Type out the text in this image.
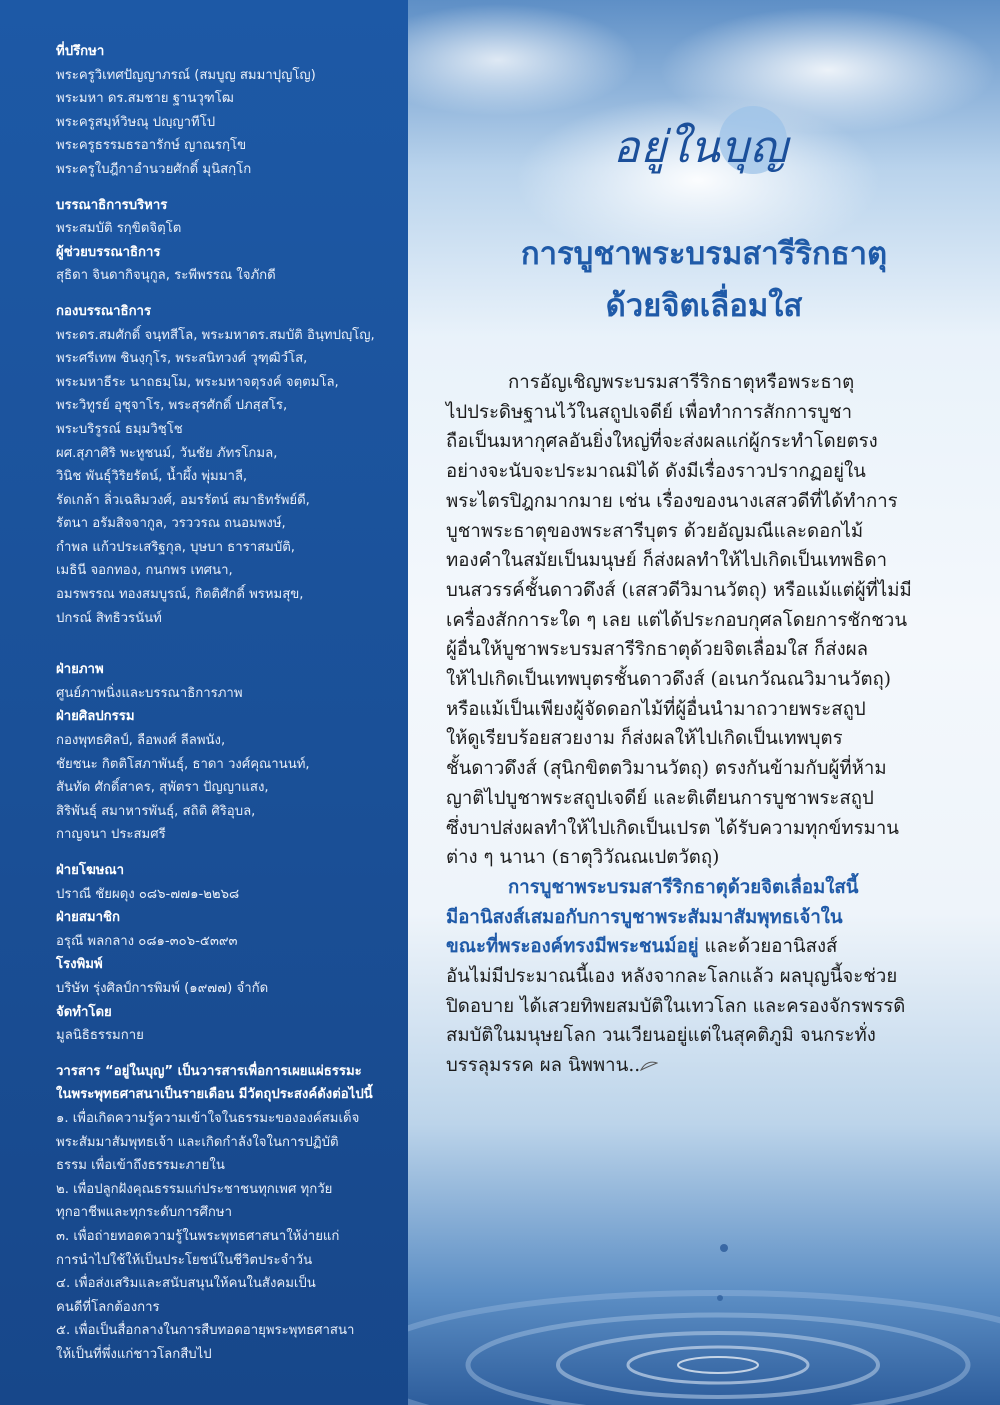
ที่ปรึกษา
พระครูวิเทศปัญญาภรณ์ (สมบูญ สมมาปุญโญ)
พระมหา ดร.สมชาย ฐานวุฑโฒ
พระครูสมุห์วิษณุ ปญฺญาทีโป
พระครูธรรมธรอารักษ์ ญาณรกฺโข
พระครูใบฎีกาอำนวยศักดิ์ มุนิสกฺโก
บรรณาธิการบริหาร
พระสมบัติ รกฺขิตจิตฺโต
ผู้ช่วยบรรณาธิการ
สุธิดา จินดากิจนุกูล, ระพีพรรณ ใจภักดี
กองบรรณาธิการ
พระดร.สมศักดิ์ จนฺทสีโล, พระมหาดร.สมบัติ อินฺทปญฺโญ,
พระศรีเทพ ชินงฺกุโร, พระสนิทวงศ์ วุฑฺฒิวํโส,
พระมหาธีระ นาถธมฺโม, พระมหาจตุรงค์ จตฺตมโล,
พระวิทูรย์ อุชุจาโร, พระสุรศักดิ์ ปภสฺสโร,
พระบริรูรณ์ ธมฺมวิชฺโช
ผศ.สุภาศิริ พะหูชนม์, วันชัย ภัทรโกมล,
วินิช พันธุ์วิริยรัตน์, น้ำผึ้ง พุ่มมาลี,
รัดเกล้า ลิ่วเฉลิมวงศ์, อมรรัตน์ สมาธิทรัพย์ดี,
รัตนา อรัมสิจจากูล, วรววรณ ถนอมพงษ์,
กำพล แก้วประเสริฐกุล, บุษบา ธาราสมบัติ,
เมธินี จอกทอง, กนกพร เทศนา,
อมรพรรณ ทองสมบูรณ์, กิตติศักดิ์ พรหมสุข,
ปกรณ์ สิทธิวรนันท์
ฝ่ายภาพ
ศูนย์ภาพนิ่งและบรรณาธิการภาพ
ฝ่ายศิลปกรรม
กองพุทธศิลป์, ลือพงศ์ ลีลพนัง,
ชัยชนะ กิตติโสภาพันธุ์, ธาดา วงศ์คุณานนท์,
สันทัด ศักดิ์สาคร, สุพัตรา ปัญญาแสง,
สิริพันธุ์ สมาหารพันธุ์, สถิติ ศิริอุบล,
กาญจนา ประสมศรี
ฝ่ายโฆษณา
ปราณี ชัยผดุง ๐๘๖-๗๗๑-๒๒๖๘
ฝ่ายสมาชิก
อรุณี พลกลาง ๐๘๑-๓๐๖-๕๓๙๓
โรงพิมพ์
บริษัท รุ่งศิลป์การพิมพ์ (๑๙๗๗) จำกัด
จัดทำโดย
มูลนิธิธรรมกาย
วารสาร “อยู่ในบุญ” เป็นวารสารเพื่อการเผยแผ่ธรรมะ
ในพระพุทธศาสนาเป็นรายเดือน มีวัตถุประสงค์ดังต่อไปนี้
๑. เพื่อเกิดความรู้ความเข้าใจในธรรมะขององค์สมเด็จ
พระสัมมาสัมพุทธเจ้า และเกิดกำลังใจในการปฏิบัติ
ธรรม เพื่อเข้าถึงธรรมะภายใน
๒. เพื่อปลูกฝังคุณธรรมแก่ประชาชนทุกเพศ ทุกวัย
ทุกอาชีพและทุกระดับการศึกษา
๓. เพื่อถ่ายทอดความรู้ในพระพุทธศาสนาให้ง่ายแก่
การนำไปใช้ให้เป็นประโยชน์ในชีวิตประจำวัน
๔. เพื่อส่งเสริมและสนับสนุนให้คนในสังคมเป็น
คนดีที่โลกต้องการ
๕. เพื่อเป็นสื่อกลางในการสืบทอดอายุพระพุทธศาสนา
ให้เป็นที่พึ่งแก่ชาวโลกสืบไป
อยู่ในบุญ
การบูชาพระบรมสารีริกธาตุ
ด้วยจิตเลื่อมใส

การอัญเชิญพระบรมสารีริกธาตุหรือพระธาตุ
ไปประดิษฐานไว้ในสถูปเจดีย์ เพื่อทำการสักการบูชา
ถือเป็นมหากุศลอันยิ่งใหญ่ที่จะส่งผลแก่ผู้กระทำโดยตรง
อย่างจะนับจะประมาณมิได้ ดังมีเรื่องราวปรากฏอยู่ใน
พระไตรปิฎกมากมาย เช่น เรื่องของนางเสสวดีที่ได้ทำการ
บูชาพระธาตุของพระสารีบุตร ด้วยอัญมณีและดอกไม้
ทองคำในสมัยเป็นมนุษย์ ก็ส่งผลทำให้ไปเกิดเป็นเทพธิดา
บนสวรรค์ชั้นดาวดึงส์ (เสสวดีวิมานวัตถุ) หรือแม้แต่ผู้ที่ไม่มี
เครื่องสักการะใด ๆ เลย แต่ได้ประกอบกุศลโดยการชักชวน
ผู้อื่นให้บูชาพระบรมสารีริกธาตุด้วยจิตเลื่อมใส ก็ส่งผล
ให้ไปเกิดเป็นเทพบุตรชั้นดาวดึงส์ (อเนกวัณณวิมานวัตถุ)
หรือแม้เป็นเพียงผู้จัดดอกไม้ที่ผู้อื่นนำมาถวายพระสถูป
ให้ดูเรียบร้อยสวยงาม ก็ส่งผลให้ไปเกิดเป็นเทพบุตร
ชั้นดาวดึงส์ (สุนิกขิตตวิมานวัตถุ) ตรงกันข้ามกับผู้ที่ห้าม
ญาติไปบูชาพระสถูปเจดีย์ และติเตียนการบูชาพระสถูป
ซึ่งบาปส่งผลทำให้ไปเกิดเป็นเปรต ได้รับความทุกข์ทรมาน
ต่าง ๆ นานา (ธาตุวิวัณณเปตวัตถุ)

การบูชาพระบรมสารีริกธาตุด้วยจิตเลื่อมใสนี้
มีอานิสงส์เสมอกับการบูชาพระสัมมาสัมพุทธเจ้าใน
ขณะที่พระองค์ทรงมีพระชนม์อยู่ และด้วยอานิสงส์
อันไม่มีประมาณนี้เอง หลังจากละโลกแล้ว ผลบุญนี้จะช่วย
ปิดอบาย ได้เสวยทิพยสมบัติในเทวโลก และครองจักรพรรดิ
สมบัติในมนุษยโลก วนเวียนอยู่แต่ในสุคติภูมิ จนกระทั่ง
บรรลุมรรค ผล นิพพาน..
